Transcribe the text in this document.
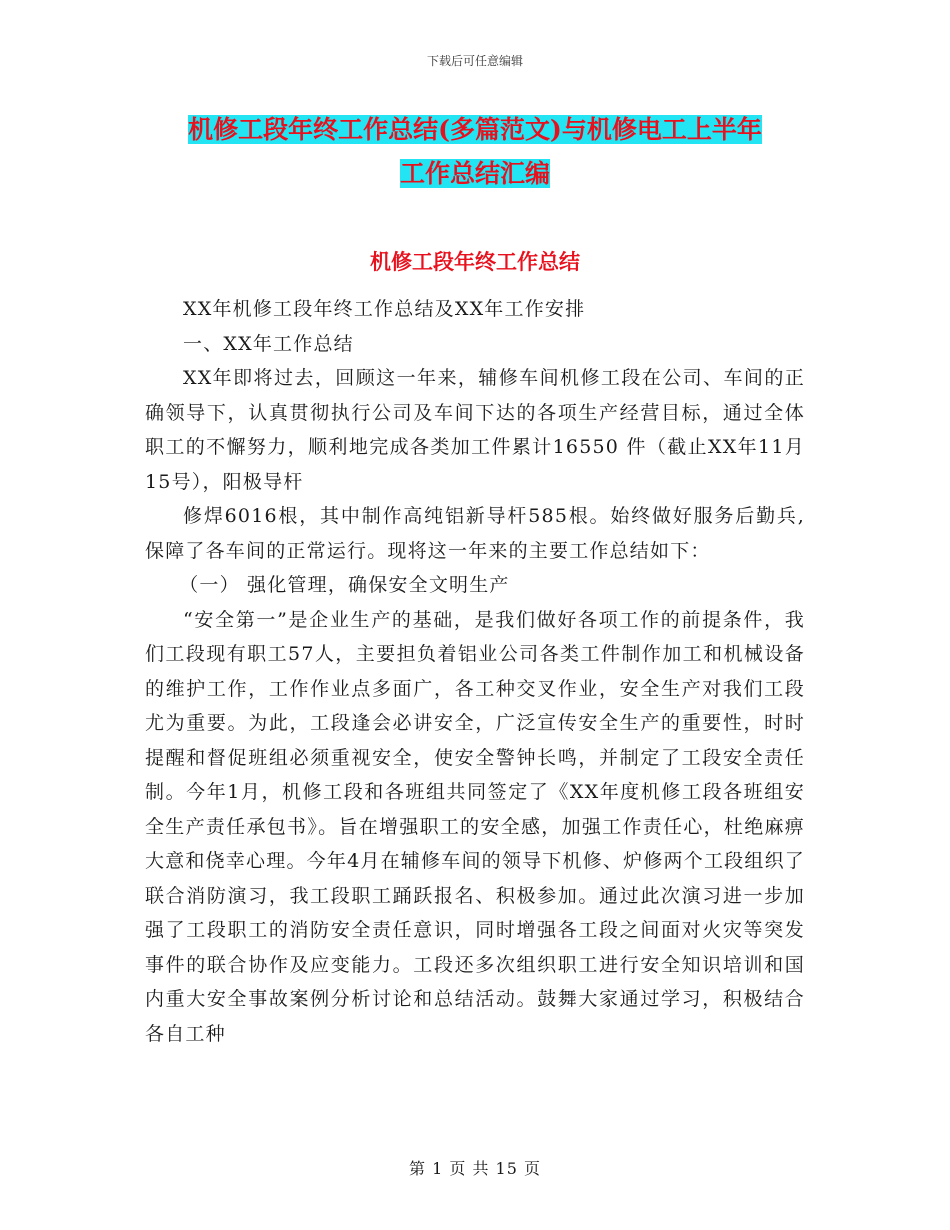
下载后可任意编辑
机修工段年终工作总结(多篇范文)与机修电工上半年
工作总结汇编
机修工段年终工作总结

XX年机修工段年终工作总结及XX年工作安排

一、XX年工作总结

XX年即将过去，回顾这一年来，辅修车间机修工段在公司、车间的正确领导下，认真贯彻执行公司及车间下达的各项生产经营目标，通过全体职工的不懈努力，顺利地完成各类加工件累计16550 件（截止XX年11月15号），阳极导杆

修焊6016根，其中制作高纯铝新导杆585根。始终做好服务后勤兵,保障了各车间的正常运行。现将这一年来的主要工作总结如下：

（一） 强化管理，确保安全文明生产

“安全第一”是企业生产的基础，是我们做好各项工作的前提条件，我们工段现有职工57人，主要担负着铝业公司各类工件制作加工和机械设备的维护工作，工作作业点多面广，各工种交叉作业，安全生产对我们工段尤为重要。为此，工段逢会必讲安全，广泛宣传安全生产的重要性，时时提醒和督促班组必须重视安全，使安全警钟长鸣，并制定了工段安全责任制。今年1月，机修工段和各班组共同签定了《XX年度机修工段各班组安全生产责任承包书》。旨在增强职工的安全感，加强工作责任心，杜绝麻痹大意和侥幸心理。今年4月在辅修车间的领导下机修、炉修两个工段组织了联合消防演习，我工段职工踊跃报名、积极参加。通过此次演习进一步加强了工段职工的消防安全责任意识，同时增强各工段之间面对火灾等突发事件的联合协作及应变能力。工段还多次组织职工进行安全知识培训和国内重大安全事故案例分析讨论和总结活动。鼓舞大家通过学习，积极结合各自工种

第 1 页 共 15 页
